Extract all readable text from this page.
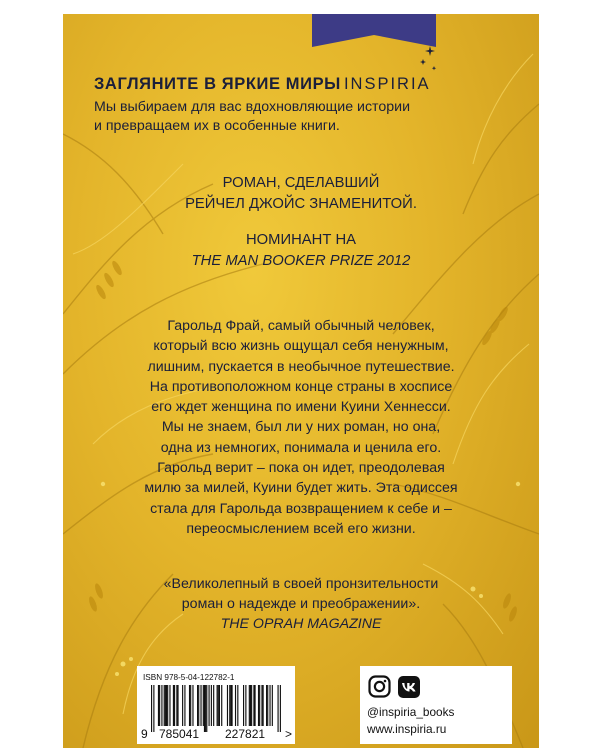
ЗАГЛЯНИТЕ В ЯРКИЕ МИРЫ INSPIRIA
Мы выбираем для вас вдохновляющие истории
и превращаем их в особенные книги.
РОМАН, СДЕЛАВШИЙ
РЕЙЧЕЛ ДЖОЙС ЗНАМЕНИТОЙ.
НОМИНАНТ НА
THE MAN BOOKER PRIZE 2012
Гарольд Фрай, самый обычный человек,
который всю жизнь ощущал себя ненужным,
лишним, пускается в необычное путешествие.
На противоположном конце страны в хосписе
его ждет женщина по имени Куини Хеннесси.
Мы не знаем, был ли у них роман, но она,
одна из немногих, понимала и ценила его.
Гарольд верит – пока он идет, преодолевая
милю за милей, Куини будет жить. Эта одиссея
стала для Гарольда возвращением к себе и –
переосмыслением всей его жизни.
«Великолепный в своей пронзительности
роман о надежде и преображении».
THE OPRAH MAGAZINE
ISBN 978-5-04-122782-1
9 785041 227821 >
@inspiria_books
www.inspiria.ru
